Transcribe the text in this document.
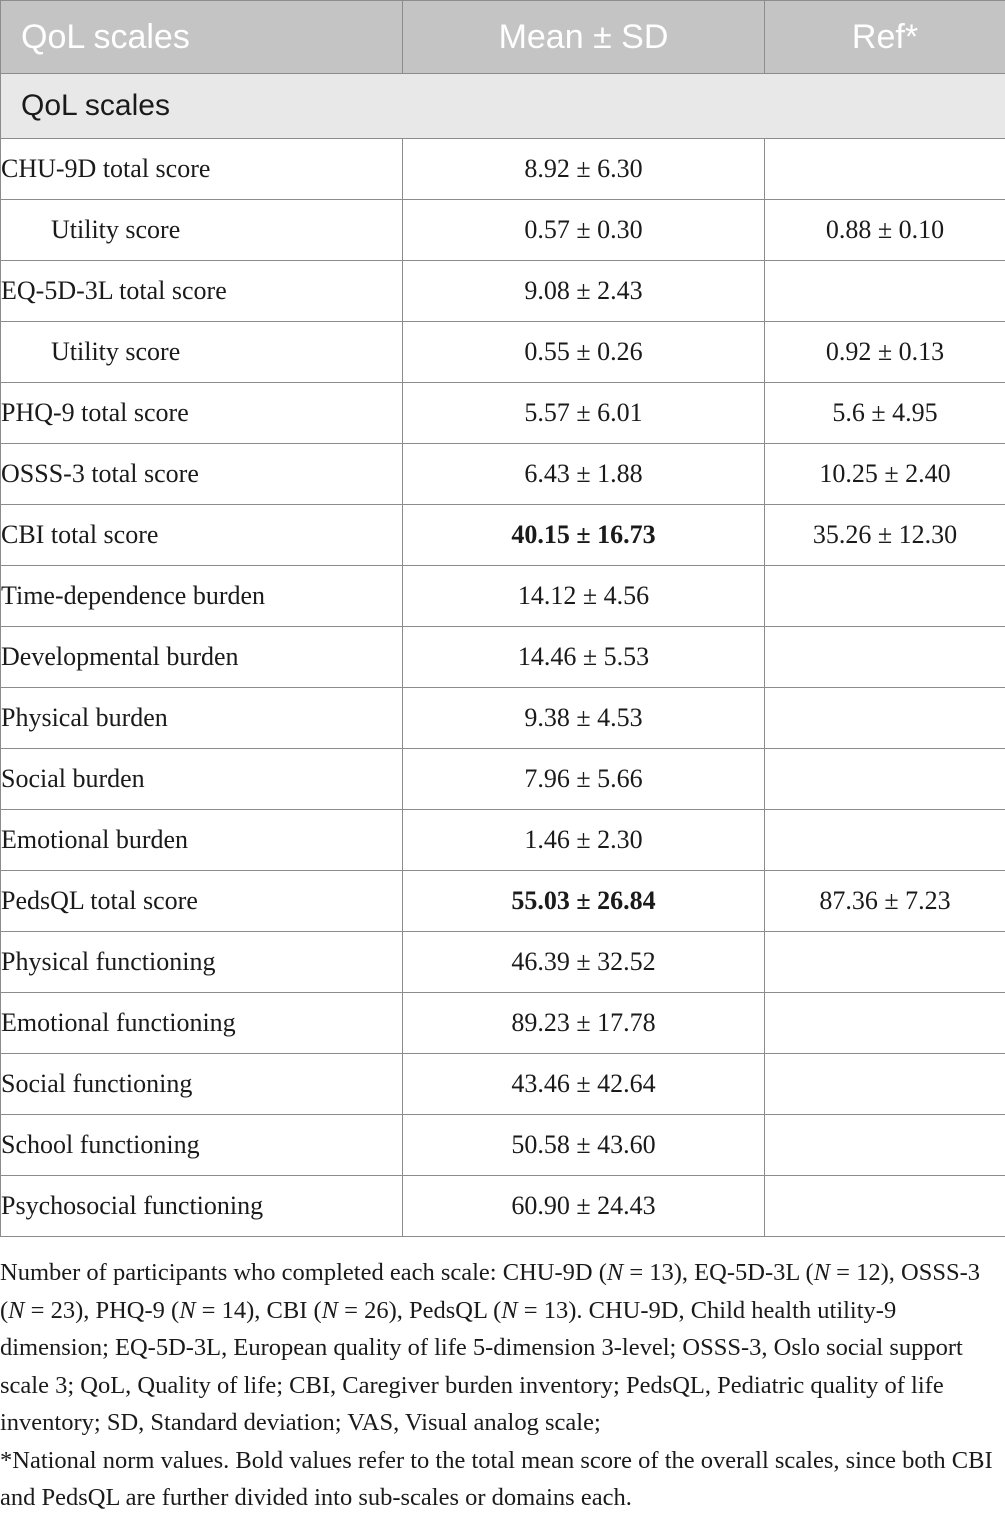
QoL scales	Mean ± SD	Ref*
QoL scales		
CHU-9D total score	8.92 ± 6.30	
Utility score	0.57 ± 0.30	0.88 ± 0.10
EQ-5D-3L total score	9.08 ± 2.43	
Utility score	0.55 ± 0.26	0.92 ± 0.13
PHQ-9 total score	5.57 ± 6.01	5.6 ± 4.95
OSSS-3 total score	6.43 ± 1.88	10.25 ± 2.40
CBI total score	40.15 ± 16.73	35.26 ± 12.30
Time-dependence burden	14.12 ± 4.56	
Developmental burden	14.46 ± 5.53	
Physical burden	9.38 ± 4.53	
Social burden	7.96 ± 5.66	
Emotional burden	1.46 ± 2.30	
PedsQL total score	55.03 ± 26.84	87.36 ± 7.23
Physical functioning	46.39 ± 32.52	
Emotional functioning	89.23 ± 17.78	
Social functioning	43.46 ± 42.64	
School functioning	50.58 ± 43.60	
Psychosocial functioning	60.90 ± 24.43	

Number of participants who completed each scale: CHU-9D (N = 13), EQ-5D-3L (N = 12), OSSS-3 (N = 23), PHQ-9 (N = 14), CBI (N = 26), PedsQL (N = 13). CHU-9D, Child health utility-9 dimension; EQ-5D-3L, European quality of life 5-dimension 3-level; OSSS-3, Oslo social support scale 3; QoL, Quality of life; CBI, Caregiver burden inventory; PedsQL, Pediatric quality of life inventory; SD, Standard deviation; VAS, Visual analog scale;
*National norm values. Bold values refer to the total mean score of the overall scales, since both CBI and PedsQL are further divided into sub-scales or domains each.
